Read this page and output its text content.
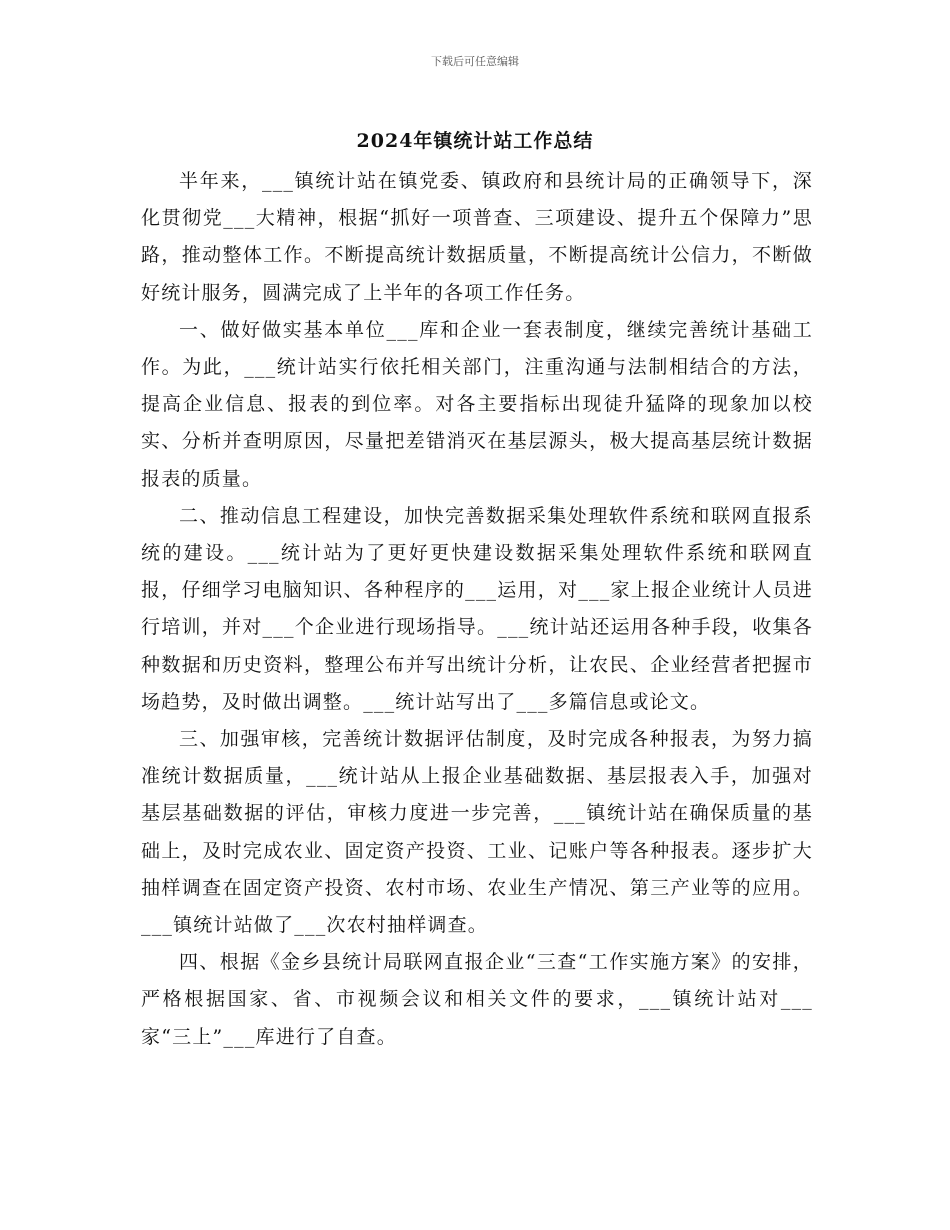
下载后可任意编辑
2024年镇统计站工作总结

半年来，___镇统计站在镇党委、镇政府和县统计局的正确领导下，深化贯彻党___大精神，根据“抓好一项普查、三项建设、提升五个保障力”思路，推动整体工作。不断提高统计数据质量，不断提高统计公信力，不断做好统计服务，圆满完成了上半年的各项工作任务。

一、做好做实基本单位___库和企业一套表制度，继续完善统计基础工作。为此，___统计站实行依托相关部门，注重沟通与法制相结合的方法，提高企业信息、报表的到位率。对各主要指标出现徒升猛降的现象加以校实、分析并查明原因，尽量把差错消灭在基层源头，极大提高基层统计数据报表的质量。

二、推动信息工程建设，加快完善数据采集处理软件系统和联网直报系统的建设。___统计站为了更好更快建设数据采集处理软件系统和联网直报，仔细学习电脑知识、各种程序的___运用，对___家上报企业统计人员进行培训，并对___个企业进行现场指导。___统计站还运用各种手段，收集各种数据和历史资料，整理公布并写出统计分析，让农民、企业经营者把握市场趋势，及时做出调整。___统计站写出了___多篇信息或论文。

三、加强审核，完善统计数据评估制度，及时完成各种报表，为努力搞准统计数据质量，___统计站从上报企业基础数据、基层报表入手，加强对基层基础数据的评估，审核力度进一步完善，___镇统计站在确保质量的基础上，及时完成农业、固定资产投资、工业、记账户等各种报表。逐步扩大抽样调查在固定资产投资、农村市场、农业生产情况、第三产业等的应用。___镇统计站做了___次农村抽样调查。

四、根据《金乡县统计局联网直报企业“三查“工作实施方案》的安排，严格根据国家、省、市视频会议和相关文件的要求，___镇统计站对___家“三上”___库进行了自查。
